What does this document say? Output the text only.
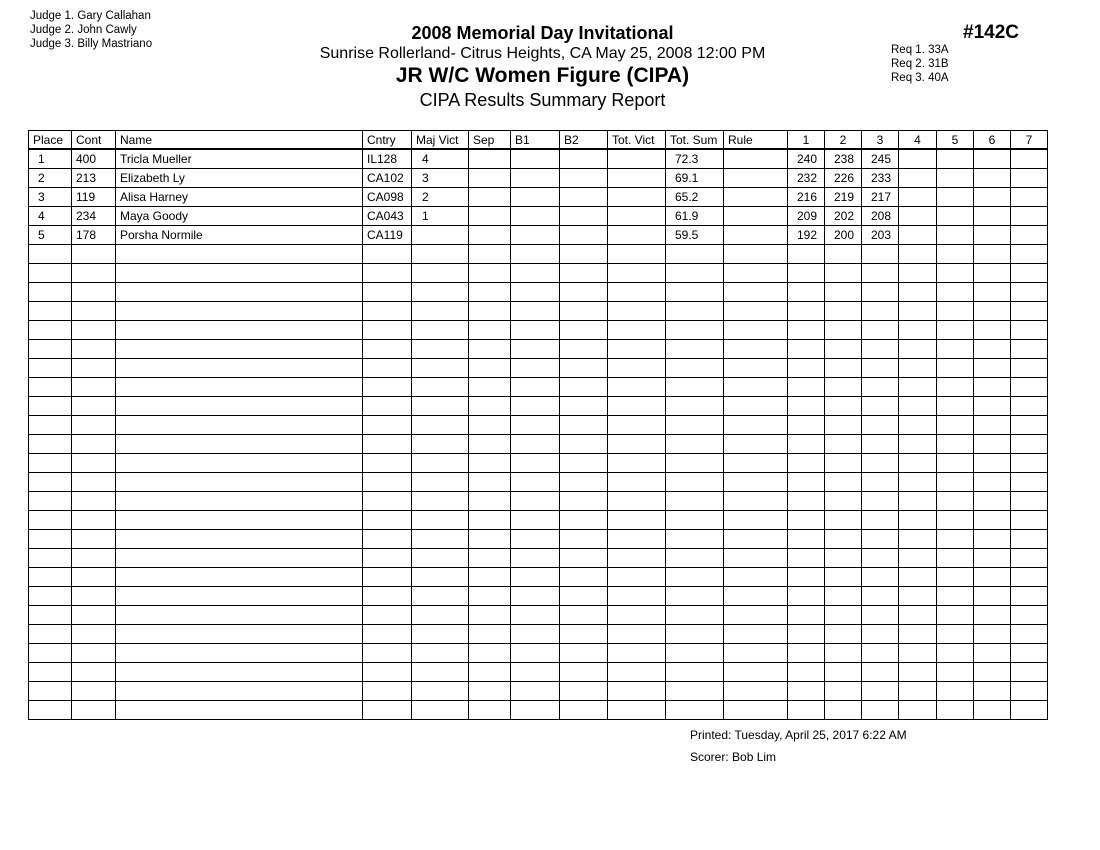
Judge 1. Gary Callahan
Judge 2. John Cawly
Judge 3. Billy Mastriano
2008 Memorial Day Invitational
Sunrise Rollerland- Citrus Heights, CA May 25, 2008 12:00 PM
JR W/C Women Figure (CIPA)
CIPA Results Summary Report
#142C
Req 1. 33A
Req 2. 31B
Req 3. 40A
Place	Cont	Name	Cntry	Maj Vict	Sep	B1	B2	Tot. Vict	Tot. Sum	Rule	1	2	3	4	5	6	7
1	400	Tricla Mueller	IL128	4					72.3		240	238	245				
2	213	Elizabeth Ly	CA102	3					69.1		232	226	233				
3	119	Alisa Harney	CA098	2					65.2		216	219	217				
4	234	Maya Goody	CA043	1					61.9		209	202	208				
5	178	Porsha Normile	CA119						59.5		192	200	203				

Printed: Tuesday, April 25, 2017 6:22 AM
Scorer: Bob Lim
